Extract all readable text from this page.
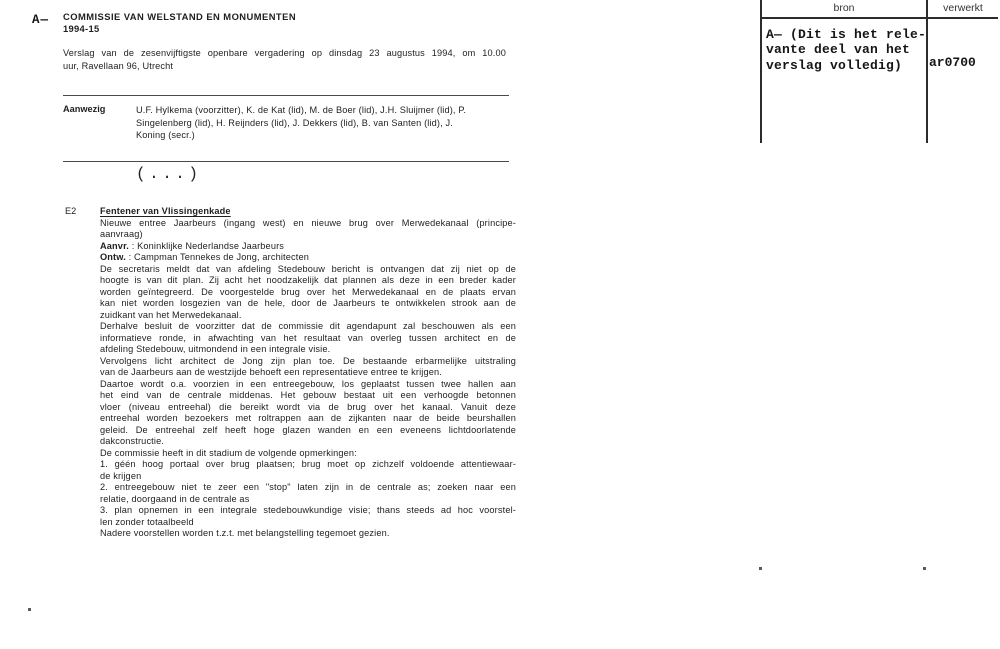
A— COMMISSIE VAN WELSTAND EN MONUMENTEN
1994-15
Verslag van de zesenvijftigste openbare vergadering op dinsdag 23 augustus 1994, om 10.00
uur, Ravellaan 96, Utrecht
Aanwezig	U.F. Hylkema (voorzitter), K. de Kat (lid), M. de Boer (lid), J.H. Sluijmer (lid), P.
Singelenberg (lid), H. Reijnders (lid), J. Dekkers (lid), B. van Santen (lid), J.
Koning (secr.)
(...)
E2	Fentener van Vlissingenkade
Nieuwe entree Jaarbeurs (ingang west) en nieuwe brug over Merwedekanaal (principe-
aanvraag)
Aanvr. : Koninklijke Nederlandse Jaarbeurs
Ontw. : Campman Tennekes de Jong, architecten
De secretaris meldt dat van afdeling Stedebouw bericht is ontvangen dat zij niet op de
hoogte is van dit plan. Zij acht het noodzakelijk dat plannen als deze in een breder kader
worden geïntegreerd. De voorgestelde brug over het Merwedekanaal en de plaats ervan
kan niet worden losgezien van de hele, door de Jaarbeurs te ontwikkelen strook aan de
zuidkant van het Merwedekanaal.
Derhalve besluit de voorzitter dat de commissie dit agendapunt zal beschouwen als een
informatieve ronde, in afwachting van het resultaat van overleg tussen architect en de
afdeling Stedebouw, uitmondend in een integrale visie.
Vervolgens licht architect de Jong zijn plan toe. De bestaande erbarmelijke uitstraling
van de Jaarbeurs aan de westzijde behoeft een representatieve entree te krijgen.
Daartoe wordt o.a. voorzien in een entreegebouw, los geplaatst tussen twee hallen aan
het eind van de centrale middenas. Het gebouw bestaat uit een verhoogde betonnen
vloer (niveau entreehal) die bereikt wordt via de brug over het kanaal. Vanuit deze
entreehal worden bezoekers met roltrappen aan de zijkanten naar de beide beurshallen
geleid. De entreehal zelf heeft hoge glazen wanden en een eveneens lichtdoorlatende
dakconstructie.
De commissie heeft in dit stadium de volgende opmerkingen:
1. géén hoog portaal over brug plaatsen; brug moet op zichzelf voldoende attentiewaar-
de krijgen
2. entreegebouw niet te zeer een "stop" laten zijn in de centrale as; zoeken naar een
relatie, doorgaand in de centrale as
3. plan opnemen in een integrale stedebouwkundige visie; thans steeds ad hoc voorstel-
len zonder totaalbeeld
Nadere voorstellen worden t.z.t. met belangstelling tegemoet gezien.
bron	verwerkt
A— (Dit is het rele-
vante deel van het
verslag volledig)	ar0700
